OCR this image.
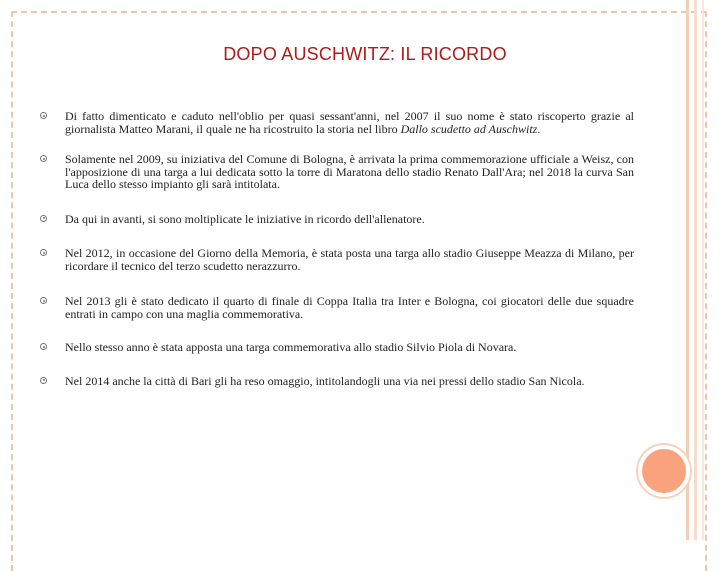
DOPO AUSCHWITZ: IL RICORDO
Di fatto dimenticato e caduto nell'oblio per quasi sessant'anni, nel 2007 il suo nome è stato riscoperto grazie al giornalista Matteo Marani, il quale ne ha ricostruito la storia nel libro Dallo scudetto ad Auschwitz.
Solamente nel 2009, su iniziativa del Comune di Bologna, è arrivata la prima commemorazione ufficiale a Weisz, con l'apposizione di una targa a lui dedicata sotto la torre di Maratona dello stadio Renato Dall'Ara; nel 2018 la curva San Luca dello stesso impianto gli sarà intitolata.
Da qui in avanti, si sono moltiplicate le iniziative in ricordo dell'allenatore.
Nel 2012, in occasione del Giorno della Memoria, è stata posta una targa allo stadio Giuseppe Meazza di Milano, per ricordare il tecnico del terzo scudetto nerazzurro.
Nel 2013 gli è stato dedicato il quarto di finale di Coppa Italia tra Inter e Bologna, coi giocatori delle due squadre entrati in campo con una maglia commemorativa.
Nello stesso anno è stata apposta una targa commemorativa allo stadio Silvio Piola di Novara.
Nel 2014 anche la città di Bari gli ha reso omaggio, intitolandogli una via nei pressi dello stadio San Nicola.
